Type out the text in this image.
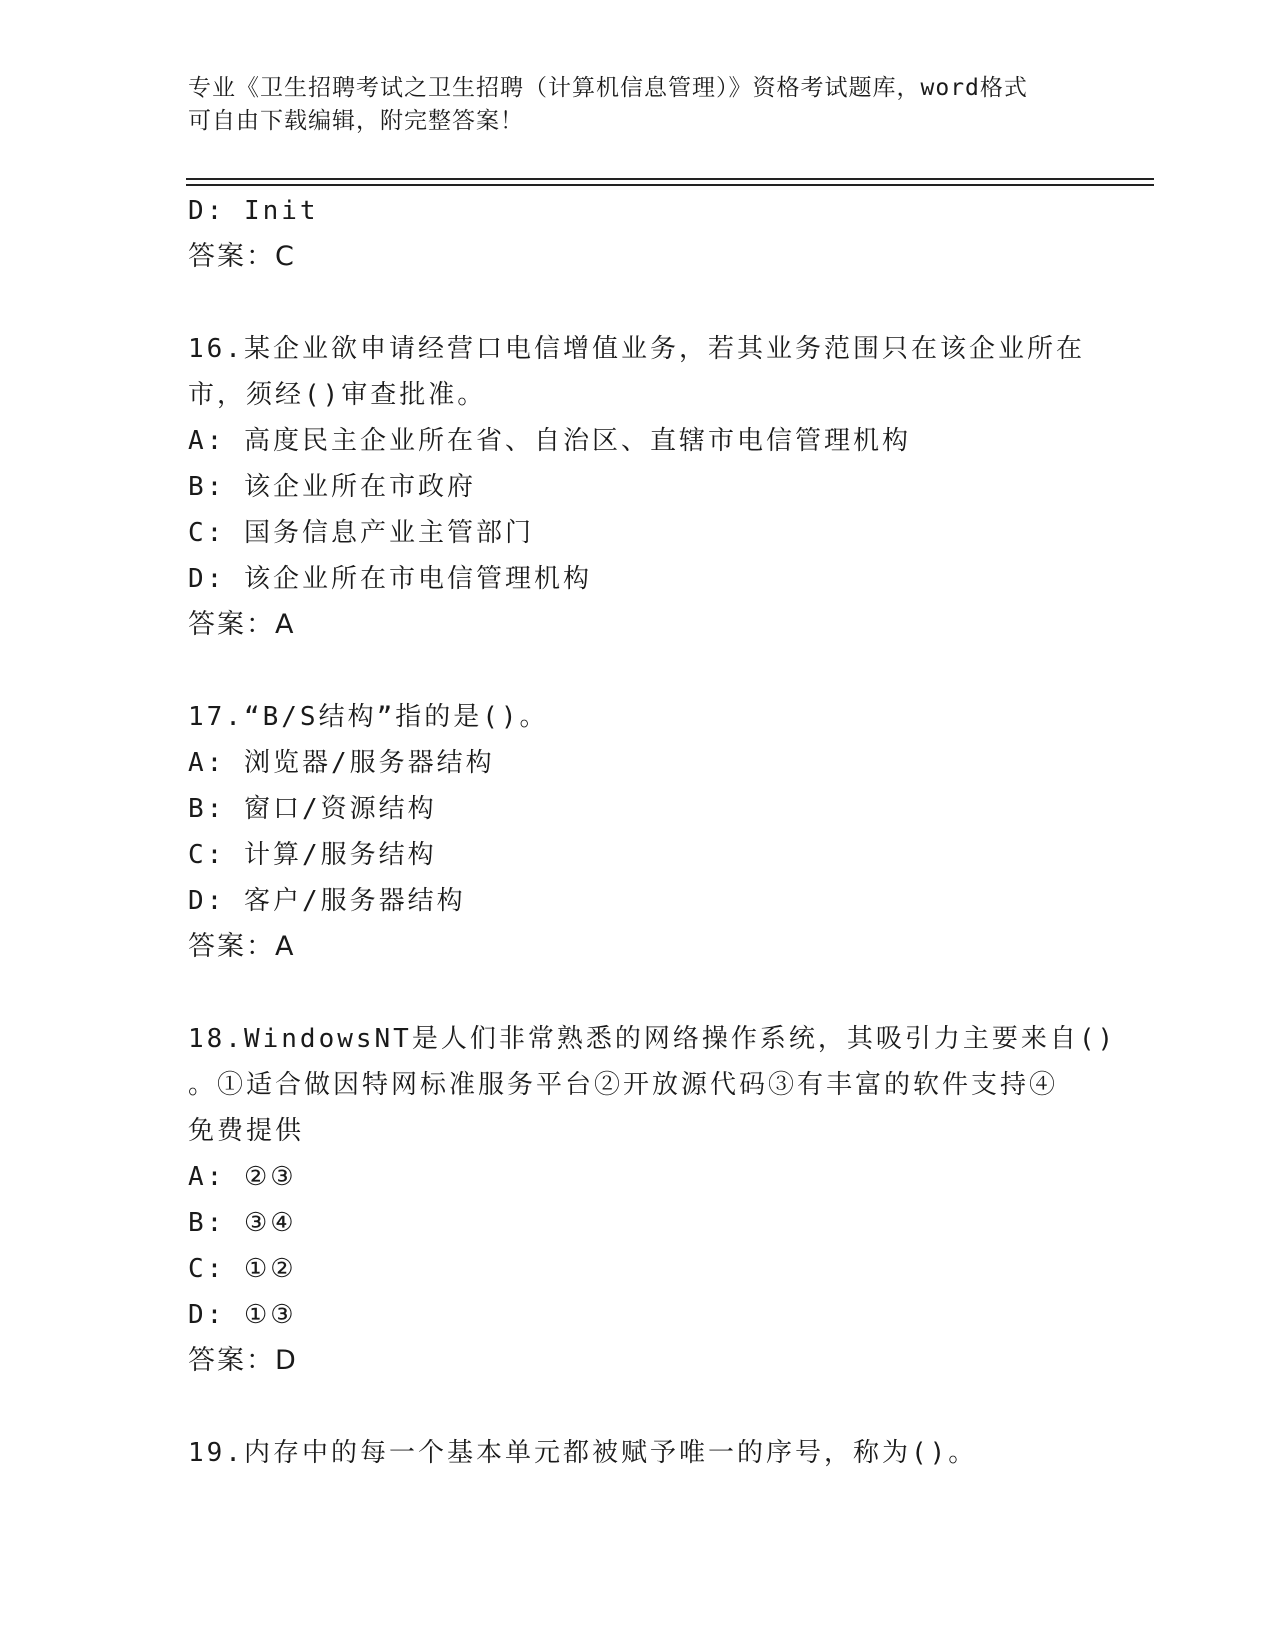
专业《卫生招聘考试之卫生招聘（计算机信息管理）》资格考试题库，word格式
可自由下载编辑，附完整答案！
D: Init
答案：C
16.某企业欲申请经营口电信增值业务，若其业务范围只在该企业所在
市，须经()审查批准。
A: 高度民主企业所在省、自治区、直辖市电信管理机构
B: 该企业所在市政府
C: 国务信息产业主管部门
D: 该企业所在市电信管理机构
答案：A
17.“B/S结构”指的是()。
A: 浏览器/服务器结构
B: 窗口/资源结构
C: 计算/服务结构
D: 客户/服务器结构
答案：A
18.WindowsNT是人们非常熟悉的网络操作系统，其吸引力主要来自()
。①适合做因特网标准服务平台②开放源代码③有丰富的软件支持④
免费提供
A: ②③
B: ③④
C: ①②
D: ①③
答案：D
19.内存中的每一个基本单元都被赋予唯一的序号，称为()。
